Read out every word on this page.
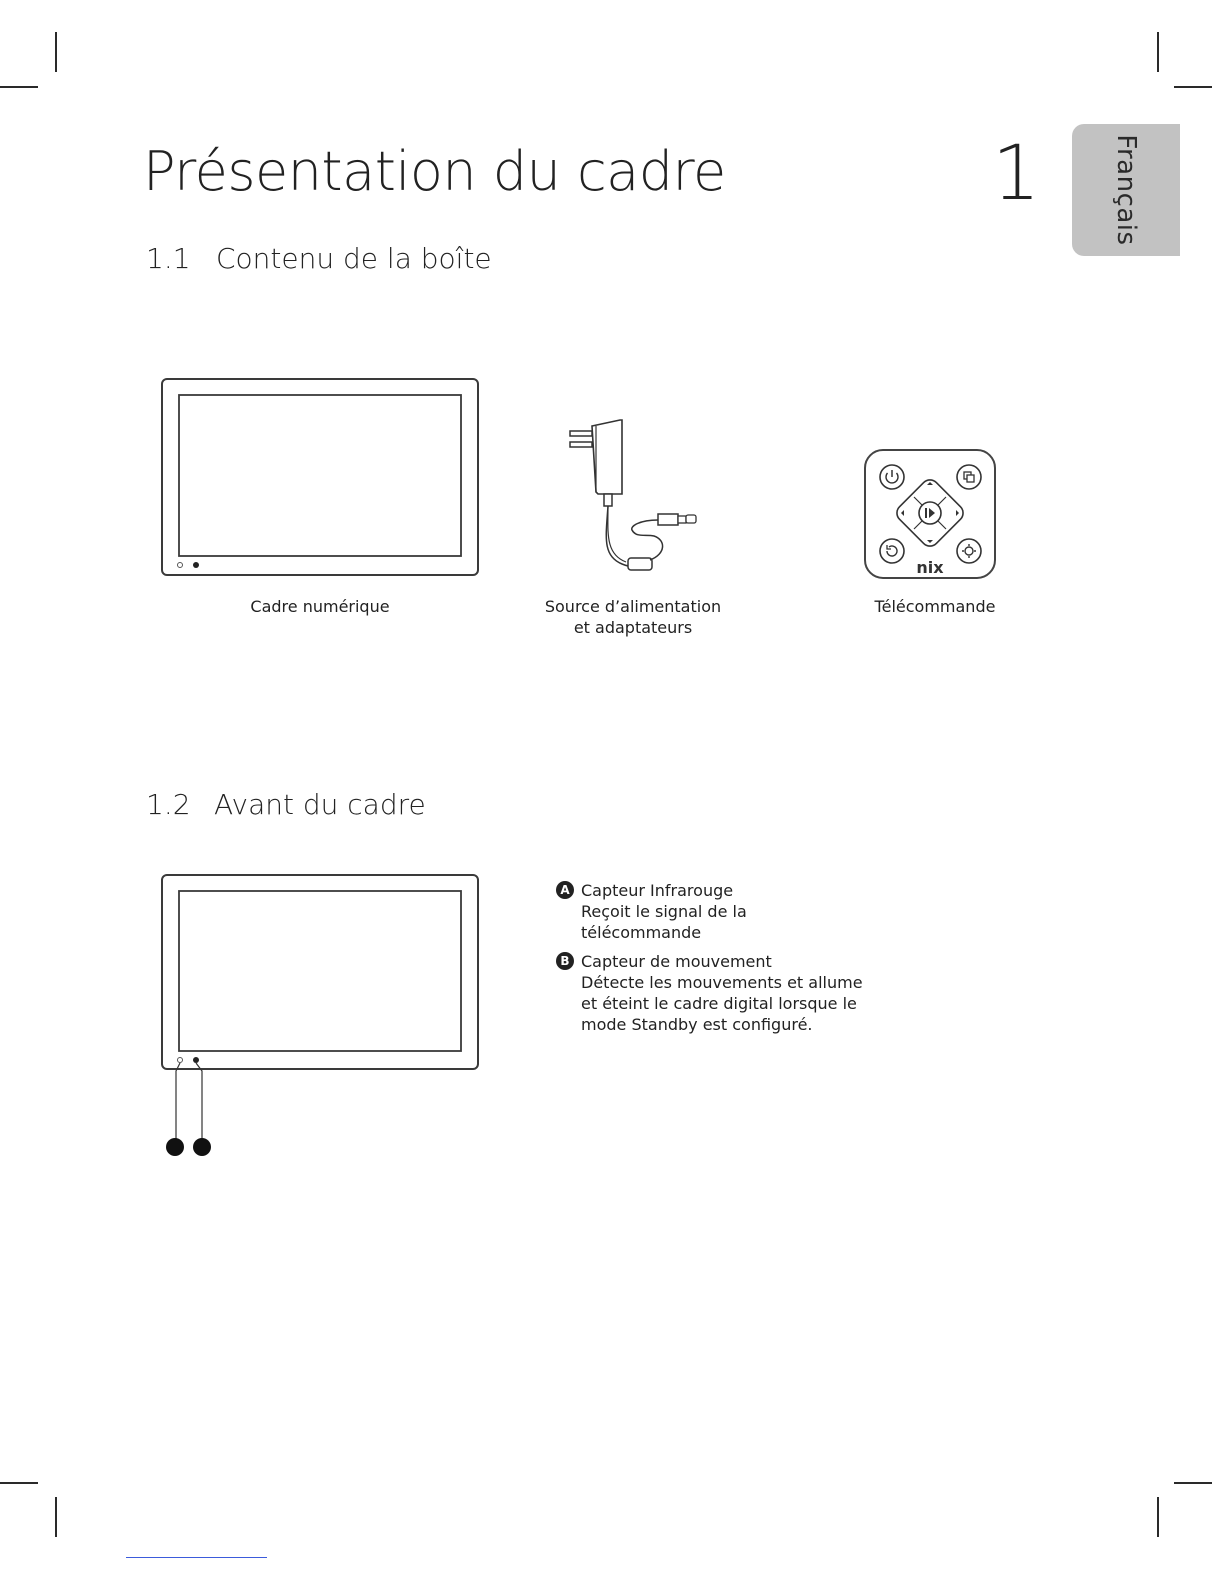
Présentation du cadre	1	Français
1.1 Contenu de la boîte
Cadre numérique	Source d’alimentation
et adaptateurs
nix
Télécommande
1.2 Avant du cadre
A Capteur Infrarouge
Reçoit le signal de la
télécommande
B Capteur de mouvement
Détecte les mouvements et allume
et éteint le cadre digital lorsque le
mode Standby est configuré.
